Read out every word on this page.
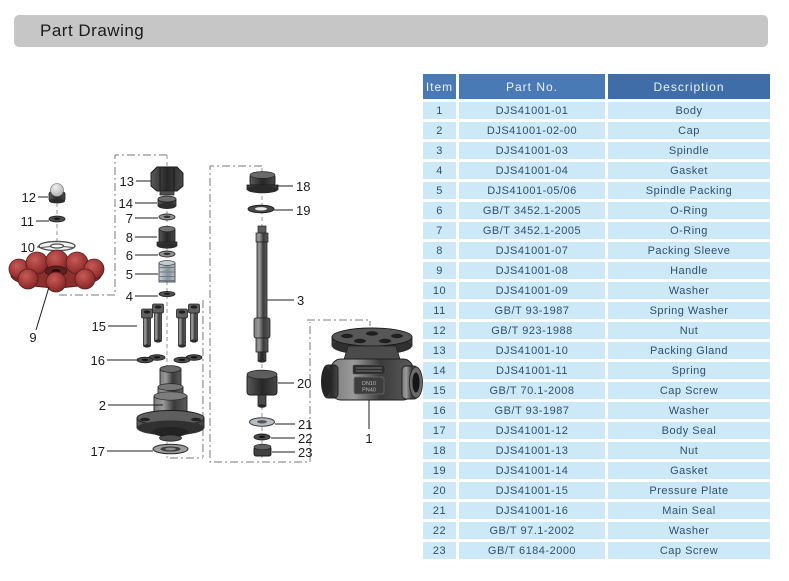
Part Drawing
DN10
PN40
12
11
10
9
13
14
7
8
6
5
4
15
16
2
17
18
19
3
20
21
22
23
1
Item	Part No.	Description
1	DJS41001-01	Body
2	DJS41001-02-00	Cap
3	DJS41001-03	Spindle
4	DJS41001-04	Gasket
5	DJS41001-05/06	Spindle Packing
6	GB/T 3452.1-2005	O-Ring
7	GB/T 3452.1-2005	O-Ring
8	DJS41001-07	Packing Sleeve
9	DJS41001-08	Handle
10	DJS41001-09	Washer
11	GB/T 93-1987	Spring Washer
12	GB/T 923-1988	Nut
13	DJS41001-10	Packing Gland
14	DJS41001-11	Spring
15	GB/T 70.1-2008	Cap Screw
16	GB/T 93-1987	Washer
17	DJS41001-12	Body Seal
18	DJS41001-13	Nut
19	DJS41001-14	Gasket
20	DJS41001-15	Pressure Plate
21	DJS41001-16	Main Seal
22	GB/T 97.1-2002	Washer
23	GB/T 6184-2000	Cap Screw
